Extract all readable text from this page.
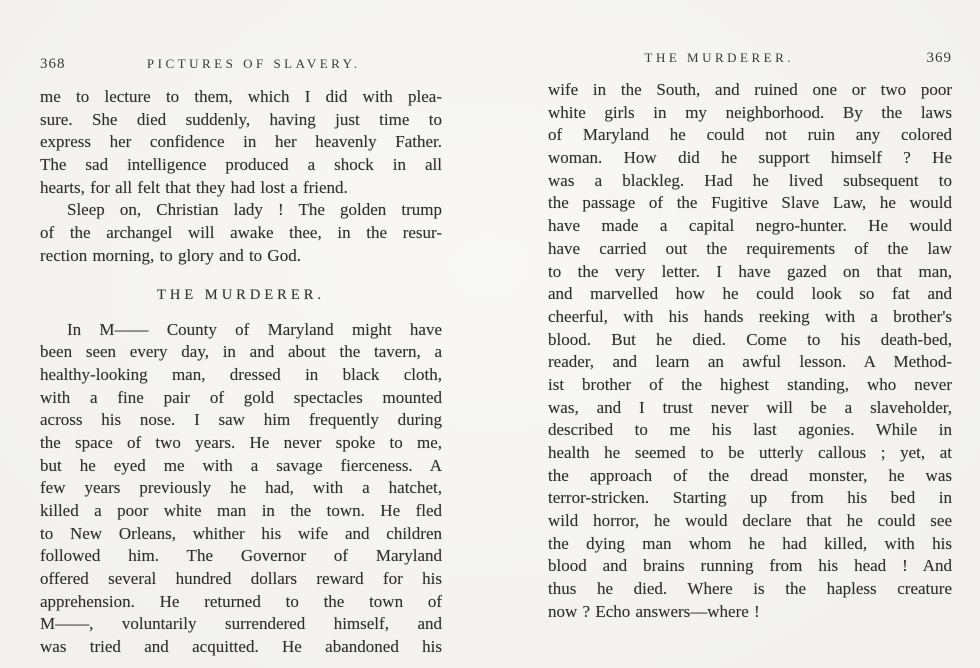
368	PICTURES OF SLAVERY.
me to lecture to them, which I did with plea-
sure. She died suddenly, having just time to
express her confidence in her heavenly Father.
The sad intelligence produced a shock in all
hearts, for all felt that they had lost a friend.
Sleep on, Christian lady ! The golden trump
of the archangel will awake thee, in the resur-
rection morning, to glory and to God.
THE MURDERER.
In M—— County of Maryland might have
been seen every day, in and about the tavern, a
healthy-looking man, dressed in black cloth,
with a fine pair of gold spectacles mounted
across his nose. I saw him frequently during
the space of two years. He never spoke to me,
but he eyed me with a savage fierceness. A
few years previously he had, with a hatchet,
killed a poor white man in the town. He fled
to New Orleans, whither his wife and children
followed him. The Governor of Maryland
offered several hundred dollars reward for his
apprehension. He returned to the town of
M——, voluntarily surrendered himself, and
was tried and acquitted. He abandoned his
THE MURDERER.	369
wife in the South, and ruined one or two poor
white girls in my neighborhood. By the laws
of Maryland he could not ruin any colored
woman. How did he support himself ? He
was a blackleg. Had he lived subsequent to
the passage of the Fugitive Slave Law, he would
have made a capital negro-hunter. He would
have carried out the requirements of the law
to the very letter. I have gazed on that man,
and marvelled how he could look so fat and
cheerful, with his hands reeking with a brother's
blood. But he died. Come to his death-bed,
reader, and learn an awful lesson. A Method-
ist brother of the highest standing, who never
was, and I trust never will be a slaveholder,
described to me his last agonies. While in
health he seemed to be utterly callous ; yet, at
the approach of the dread monster, he was
terror-stricken. Starting up from his bed in
wild horror, he would declare that he could see
the dying man whom he had killed, with his
blood and brains running from his head ! And
thus he died. Where is the hapless creature
now ? Echo answers—where !
